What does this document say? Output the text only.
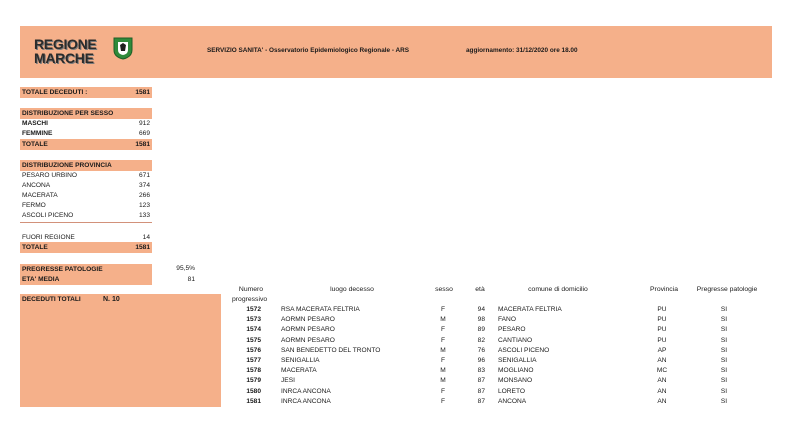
REGIONE
MARCHE	SERVIZIO SANITA' - Osservatorio Epidemiologico Regionale - ARS	aggiornamento: 31/12/2020 ore 18.00
TOTALE DECEDUTI :	1581
DISTRIBUZIONE PER SESSO
MASCHI	912
FEMMINE	669
TOTALE	1581
DISTRIBUZIONE PROVINCIA
PESARO URBINO	671
ANCONA	374
MACERATA	266
FERMO	123
ASCOLI PICENO	133
FUORI REGIONE	14
TOTALE	1581
PREGRESSE PATOLOGIE	95,5%
ETA' MEDIA	81
DECEDUTI TOTALI	N. 10
Numero
progressivo
luogo decesso	sesso	età	comune di domicilio	Provincia	Pregresse patologie
1572	RSA MACERATA FELTRIA	F	94 MACERATA FELTRIA	PU	SI
1573	AORMN PESARO	M	98 FANO	PU	SI
1574	AORMN PESARO	F	89 PESARO	PU	SI
1575	AORMN PESARO	F	82 CANTIANO	PU	SI
1576	SAN BENEDETTO DEL TRONTO	M	76 ASCOLI PICENO	AP	SI
1577	SENIGALLIA	F	96 SENIGALLIA	AN	SI
1578	MACERATA	M	83 MOGLIANO	MC	SI
1579	JESI	M	87 MONSANO	AN	SI
1580	INRCA ANCONA	F	87 LORETO	AN	SI
1581	INRCA ANCONA	F	87 ANCONA	AN	SI
